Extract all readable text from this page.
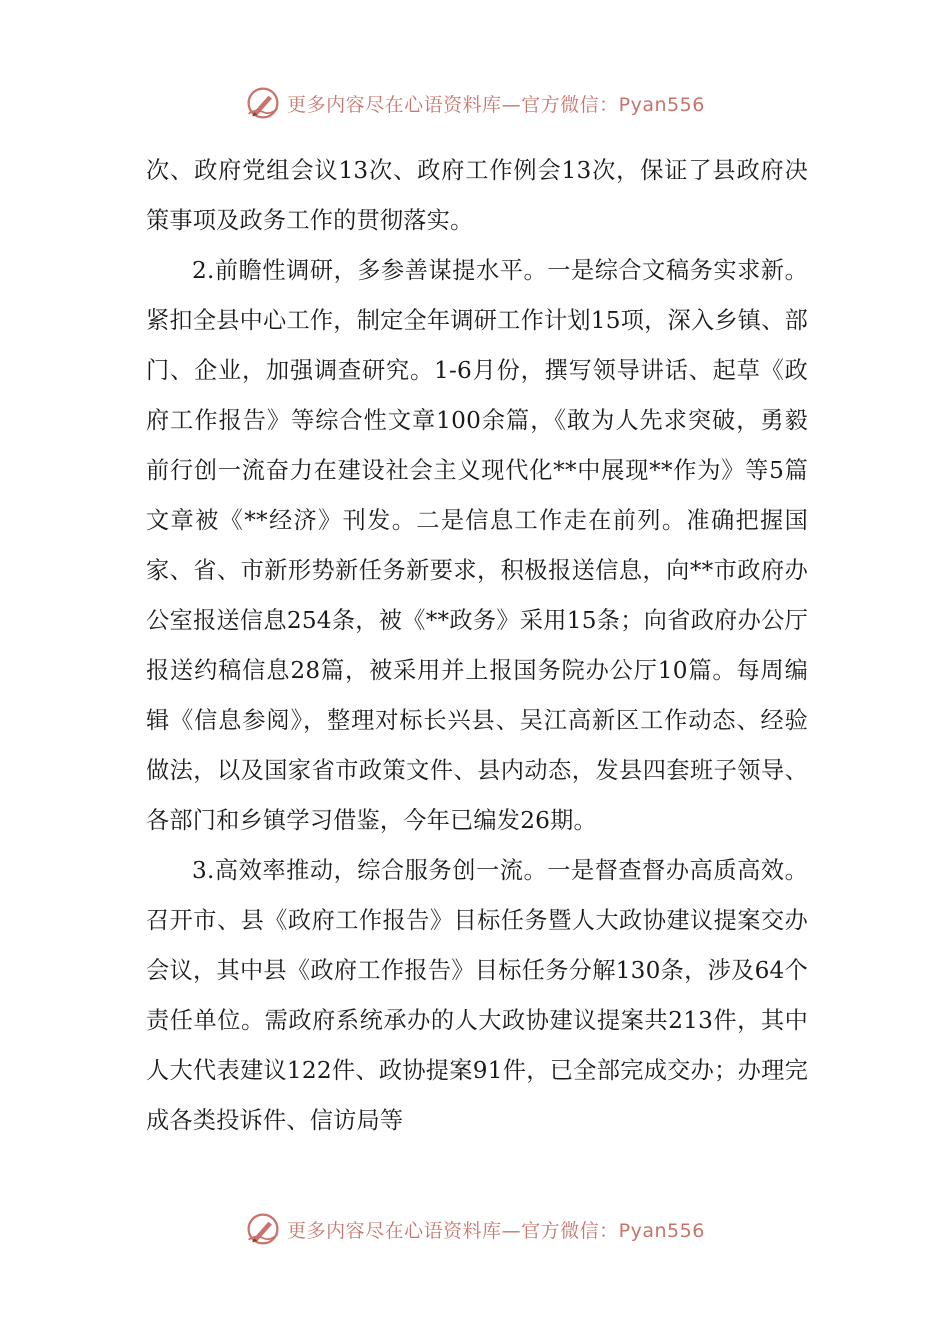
更多内容尽在心语资料库—官方微信：Pyan556

次、政府党组会议13次、政府工作例会13次，保证了县政府决策事项及政务工作的贯彻落实。

2.前瞻性调研，多参善谋提水平。一是综合文稿务实求新。紧扣全县中心工作，制定全年调研工作计划15项，深入乡镇、部门、企业，加强调查研究。1-6月份，撰写领导讲话、起草《政府工作报告》等综合性文章100余篇，《敢为人先求突破，勇毅前行创一流奋力在建设社会主义现代化**中展现**作为》等5篇文章被《**经济》刊发。二是信息工作走在前列。准确把握国家、省、市新形势新任务新要求，积极报送信息，向**市政府办公室报送信息254条，被《**政务》采用15条；向省政府办公厅报送约稿信息28篇，被采用并上报国务院办公厅10篇。每周编辑《信息参阅》，整理对标长兴县、吴江高新区工作动态、经验做法，以及国家省市政策文件、县内动态，发县四套班子领导、各部门和乡镇学习借鉴，今年已编发26期。

3.高效率推动，综合服务创一流。一是督查督办高质高效。召开市、县《政府工作报告》目标任务暨人大政协建议提案交办会议，其中县《政府工作报告》目标任务分解130条，涉及64个责任单位。需政府系统承办的人大政协建议提案共213件，其中人大代表建议122件、政协提案91件，已全部完成交办；办理完成各类投诉件、信访局等

更多内容尽在心语资料库—官方微信：Pyan556
